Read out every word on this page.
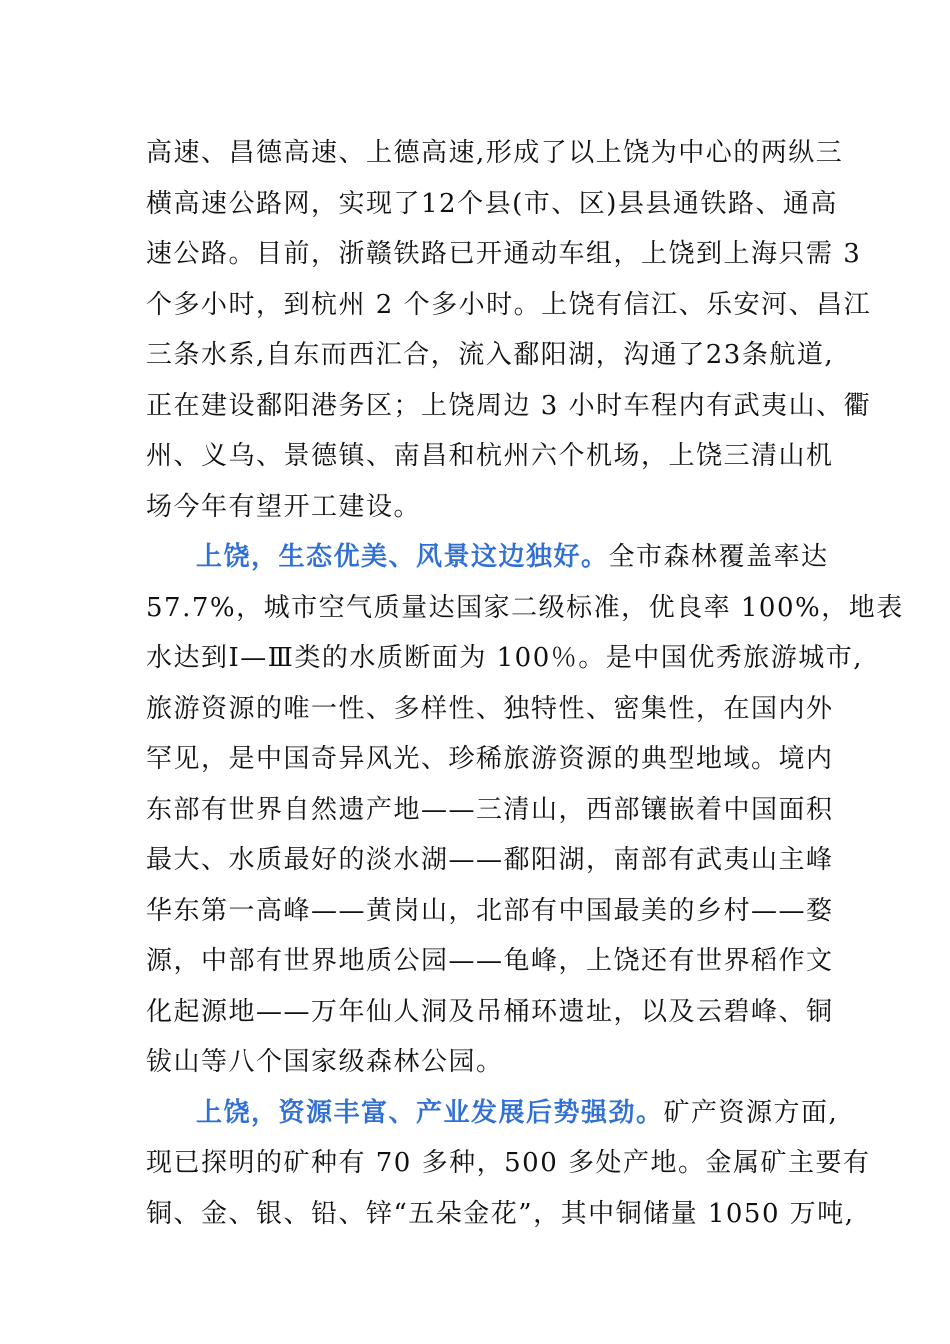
高速、昌德高速、上德高速,形成了以上饶为中心的两纵三
横高速公路网，实现了12个县(市、区)县县通铁路、通高
速公路。目前，浙赣铁路已开通动车组，上饶到上海只需 3
个多小时，到杭州 2 个多小时。上饶有信江、乐安河、昌江
三条水系,自东而西汇合，流入鄱阳湖，沟通了23条航道,
正在建设鄱阳港务区；上饶周边 3 小时车程内有武夷山、衢
州、义乌、景德镇、南昌和杭州六个机场，上饶三清山机
场今年有望开工建设。
上饶，生态优美、风景这边独好。全市森林覆盖率达
57.7%，城市空气质量达国家二级标准，优良率 100%，地表
水达到Ⅰ—Ⅲ类的水质断面为 100％。是中国优秀旅游城市,
旅游资源的唯一性、多样性、独特性、密集性，在国内外
罕见，是中国奇异风光、珍稀旅游资源的典型地域。境内
东部有世界自然遗产地——三清山，西部镶嵌着中国面积
最大、水质最好的淡水湖——鄱阳湖，南部有武夷山主峰
华东第一高峰——黄岗山，北部有中国最美的乡村——婺
源，中部有世界地质公园——龟峰，上饶还有世界稻作文
化起源地——万年仙人洞及吊桶环遗址，以及云碧峰、铜
钹山等八个国家级森林公园。
上饶，资源丰富、产业发展后势强劲。矿产资源方面,
现已探明的矿种有 70 多种，500 多处产地。金属矿主要有
铜、金、银、铅、锌“五朵金花”，其中铜储量 1050 万吨,
